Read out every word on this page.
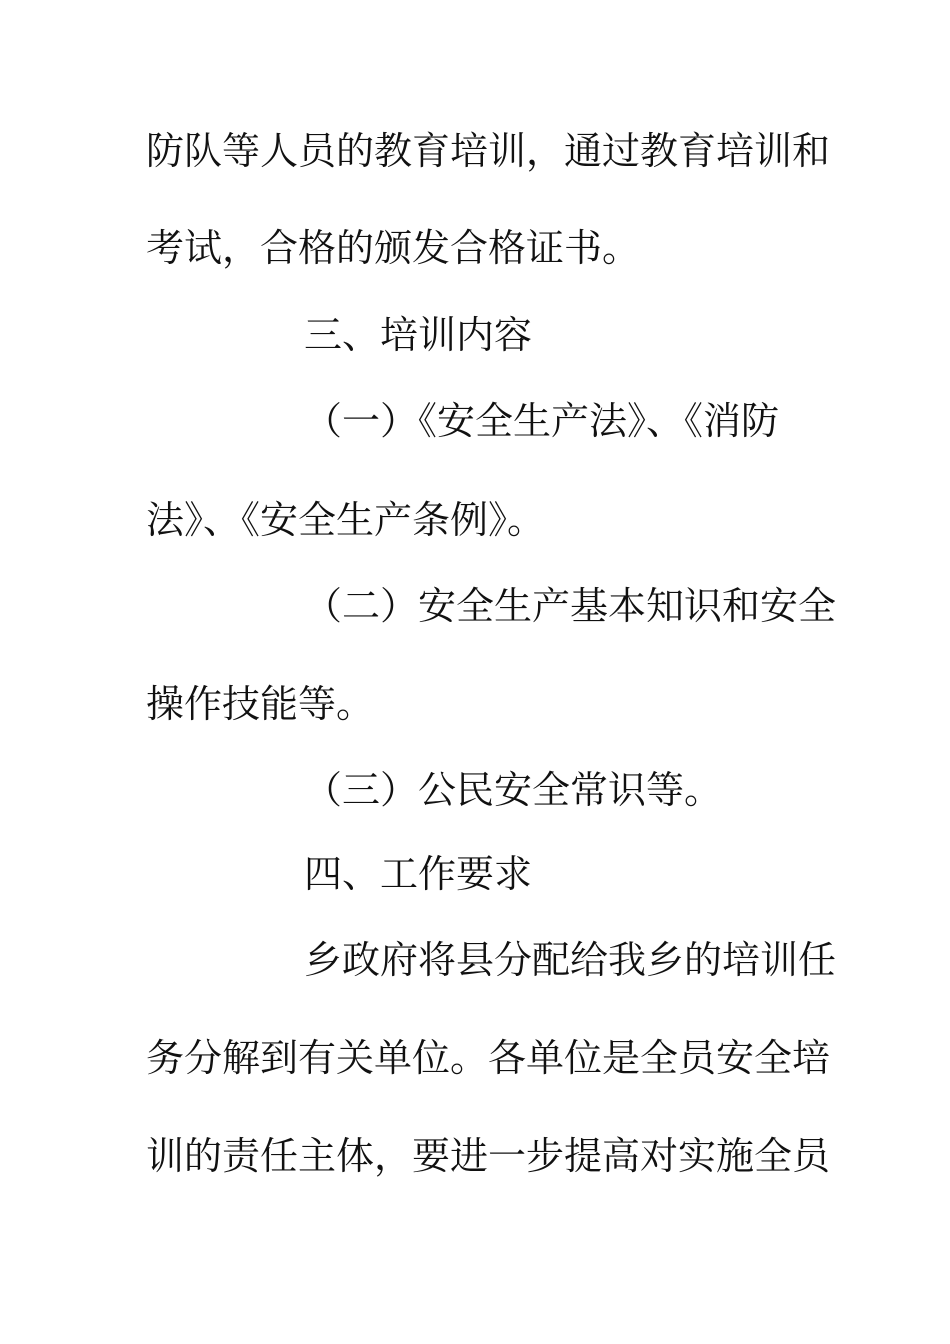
防队等人员的教育培训，通过教育培训和
考试，合格的颁发合格证书。
三、培训内容
（一）《安全生产法》、《消防
法》、《安全生产条例》。
（二）安全生产基本知识和安全
操作技能等。
（三）公民安全常识等。
四、工作要求
乡政府将县分配给我乡的培训任
务分解到有关单位。各单位是全员安全培
训的责任主体，要进一步提高对实施全员
